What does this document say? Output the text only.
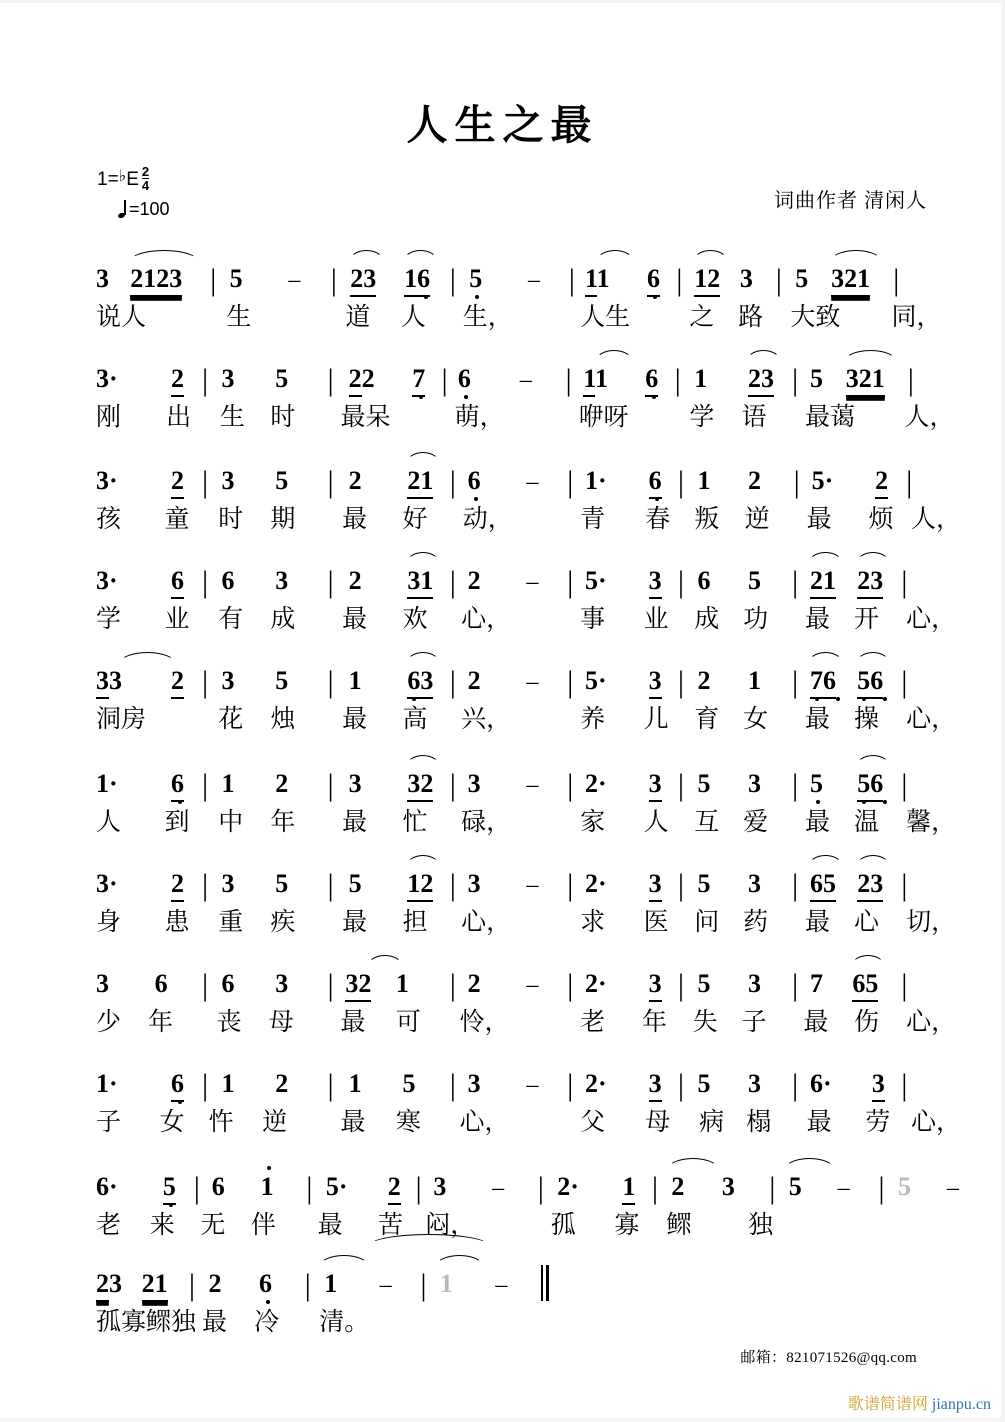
人生之最
$1=^♭E \frac{2}{4}$
=100	词曲作者 清闲人
3 2123 | 5 – | 23 16 | 5 – | 11 6 | 12 3 | 5 321 |
说人	生	道 人 生，	人生 之 路 大致 同，
3· 2 | 3 5 | 22 7 | 6 – | 11 6 | 1 23 | 5 321 |
刚 出 生 时 最呆	萌，	咿呀 学 语 最蔼 人，
3· 2 | 3 5 | 2 21 | 6 – | 1· 6 | 1 2 | 5· 2 |
孩 童 时 期 最 好 动，	青 春 叛 逆 最 烦 人，
3· 6 | 6 3 | 2 31 | 2 – | 5· 3 | 6 5 | 21 23 |
学 业 有 成 最 欢 心，	事 业 成 功 最 开 心，
33 2 | 3 5 | 1 63 | 2 – | 5· 3 | 2 1 | 76 56 |
洞房	花 烛 最 高 兴，	养 儿 育 女 最 操 心，
1· 6 | 1 2 | 3 32 | 3 – | 2· 3 | 5 3 | 5 56 |
人 到 中 年 最 忙 碌，	家 人 互 爱 最 温 馨，
3· 2 | 3 5 | 5 12 | 3 – | 2· 3 | 5 3 | 65 23 |
身 患 重 疾 最 担 心，	求 医 问 药 最 心 切，
3 6 | 6 3 | 32 1 | 2 – | 2· 3 | 5 3 | 7 65 |
少 年 丧 母 最 可 怜，	老 年 失 子 最 伤 心，
1· 6 | 1 2 | 1 5 | 3 – | 2· 3 | 5 3 | 6· 3 |
子 女 忤 逆 最 寒 心，	父 母 病 榻 最 劳 心，
6· 5 | 6 1 | 5· 2 | 3 – | 2· 1 | 2 3 | 5 – | 5 –
老 来 无 伴 最 苦 闷，	孤 寡 鳏 独
23 21 | 2 6 | 1 – | 1 –
孤寡鳏独 最 冷 清。
邮箱：821071526@qq.com
歌谱简谱网 jianpu.cn
